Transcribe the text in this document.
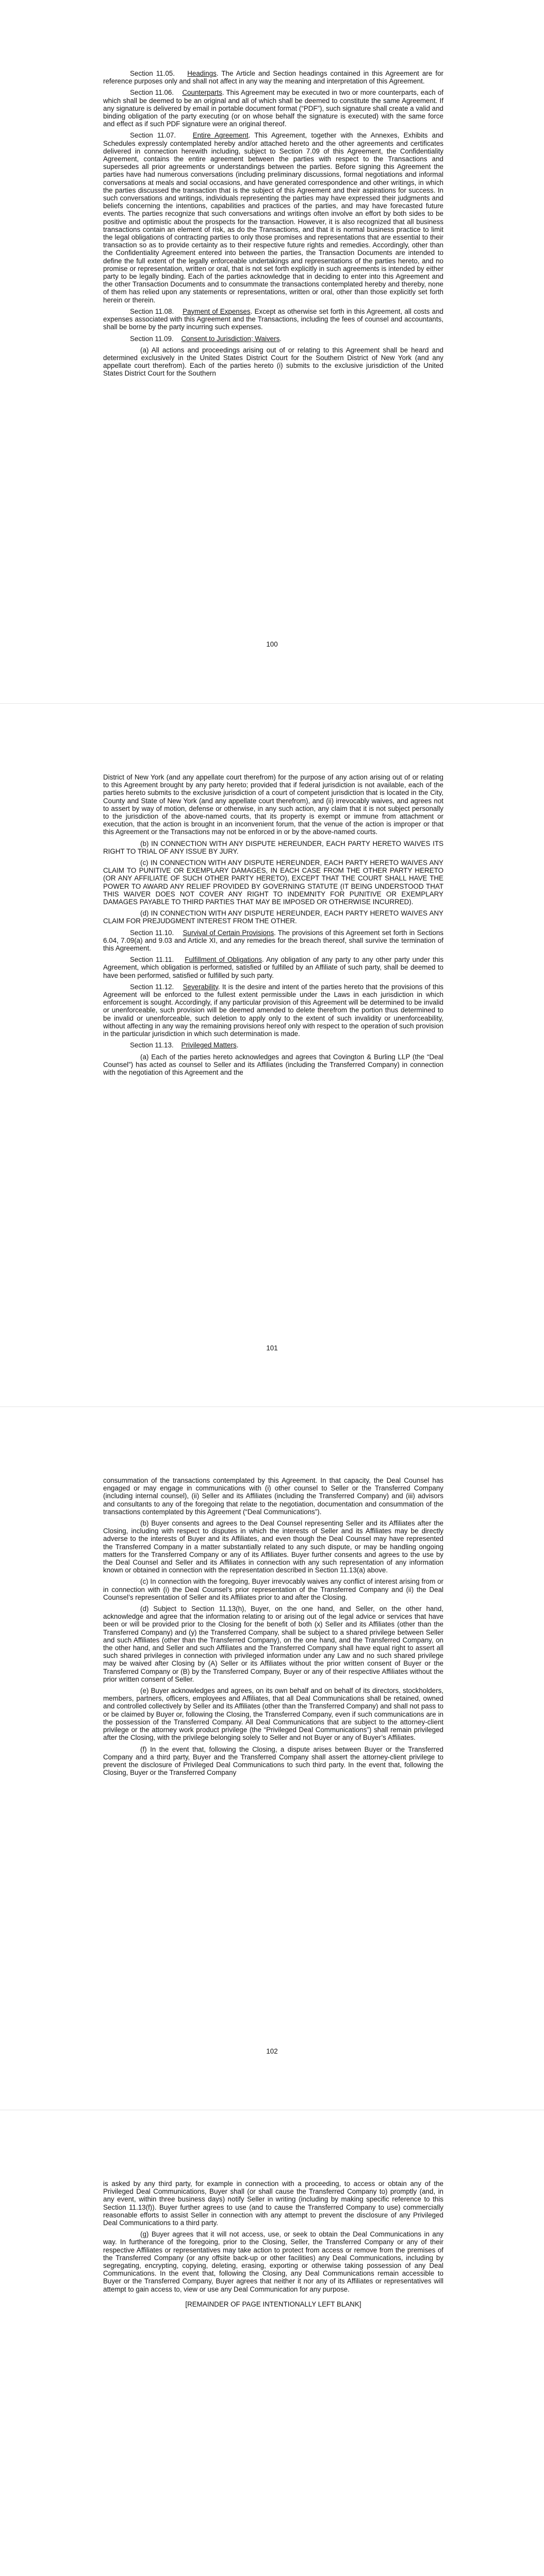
Section 11.05. Headings. The Article and Section headings contained in this Agreement are for reference purposes only and shall not affect in any way the meaning and interpretation of this Agreement.

Section 11.06. Counterparts. This Agreement may be executed in two or more counterparts, each of which shall be deemed to be an original and all of which shall be deemed to constitute the same Agreement. If any signature is delivered by email in portable document format (“PDF”), such signature shall create a valid and binding obligation of the party executing (or on whose behalf the signature is executed) with the same force and effect as if such PDF signature were an original thereof.

Section 11.07. Entire Agreement. This Agreement, together with the Annexes, Exhibits and Schedules expressly contemplated hereby and/or attached hereto and the other agreements and certificates delivered in connection herewith including, subject to Section 7.09 of this Agreement, the Confidentiality Agreement, contains the entire agreement between the parties with respect to the Transactions and supersedes all prior agreements or understandings between the parties. Before signing this Agreement the parties have had numerous conversations (including preliminary discussions, formal negotiations and informal conversations at meals and social occasions, and have generated correspondence and other writings, in which the parties discussed the transaction that is the subject of this Agreement and their aspirations for success. In such conversations and writings, individuals representing the parties may have expressed their judgments and beliefs concerning the intentions, capabilities and practices of the parties, and may have forecasted future events. The parties recognize that such conversations and writings often involve an effort by both sides to be positive and optimistic about the prospects for the transaction. However, it is also recognized that all business transactions contain an element of risk, as do the Transactions, and that it is normal business practice to limit the legal obligations of contracting parties to only those promises and representations that are essential to their transaction so as to provide certainty as to their respective future rights and remedies. Accordingly, other than the Confidentiality Agreement entered into between the parties, the Transaction Documents are intended to define the full extent of the legally enforceable undertakings and representations of the parties hereto, and no promise or representation, written or oral, that is not set forth explicitly in such agreements is intended by either party to be legally binding. Each of the parties acknowledge that in deciding to enter into this Agreement and the other Transaction Documents and to consummate the transactions contemplated hereby and thereby, none of them has relied upon any statements or representations, written or oral, other than those explicitly set forth herein or therein.

Section 11.08. Payment of Expenses. Except as otherwise set forth in this Agreement, all costs and expenses associated with this Agreement and the Transactions, including the fees of counsel and accountants, shall be borne by the party incurring such expenses.

Section 11.09. Consent to Jurisdiction; Waivers.

(a) All actions and proceedings arising out of or relating to this Agreement shall be heard and determined exclusively in the United States District Court for the Southern District of New York (and any appellate court therefrom). Each of the parties hereto (i) submits to the exclusive jurisdiction of the United States District Court for the Southern

100

District of New York (and any appellate court therefrom) for the purpose of any action arising out of or relating to this Agreement brought by any party hereto; provided that if federal jurisdiction is not available, each of the parties hereto submits to the exclusive jurisdiction of a court of competent jurisdiction that is located in the City, County and State of New York (and any appellate court therefrom), and (ii) irrevocably waives, and agrees not to assert by way of motion, defense or otherwise, in any such action, any claim that it is not subject personally to the jurisdiction of the above-named courts, that its property is exempt or immune from attachment or execution, that the action is brought in an inconvenient forum, that the venue of the action is improper or that this Agreement or the Transactions may not be enforced in or by the above-named courts.

(b) IN CONNECTION WITH ANY DISPUTE HEREUNDER, EACH PARTY HERETO WAIVES ITS RIGHT TO TRIAL OF ANY ISSUE BY JURY.

(c) IN CONNECTION WITH ANY DISPUTE HEREUNDER, EACH PARTY HERETO WAIVES ANY CLAIM TO PUNITIVE OR EXEMPLARY DAMAGES, IN EACH CASE FROM THE OTHER PARTY HERETO (OR ANY AFFILIATE OF SUCH OTHER PARTY HERETO), EXCEPT THAT THE COURT SHALL HAVE THE POWER TO AWARD ANY RELIEF PROVIDED BY GOVERNING STATUTE (IT BEING UNDERSTOOD THAT THIS WAIVER DOES NOT COVER ANY RIGHT TO INDEMNITY FOR PUNITIVE OR EXEMPLARY DAMAGES PAYABLE TO THIRD PARTIES THAT MAY BE IMPOSED OR OTHERWISE INCURRED).

(d) IN CONNECTION WITH ANY DISPUTE HEREUNDER, EACH PARTY HERETO WAIVES ANY CLAIM FOR PREJUDGMENT INTEREST FROM THE OTHER.

Section 11.10. Survival of Certain Provisions. The provisions of this Agreement set forth in Sections 6.04, 7.09(a) and 9.03 and Article XI, and any remedies for the breach thereof, shall survive the termination of this Agreement.

Section 11.11. Fulfillment of Obligations. Any obligation of any party to any other party under this Agreement, which obligation is performed, satisfied or fulfilled by an Affiliate of such party, shall be deemed to have been performed, satisfied or fulfilled by such party.

Section 11.12. Severability. It is the desire and intent of the parties hereto that the provisions of this Agreement will be enforced to the fullest extent permissible under the Laws in each jurisdiction in which enforcement is sought. Accordingly, if any particular provision of this Agreement will be determined to be invalid or unenforceable, such provision will be deemed amended to delete therefrom the portion thus determined to be invalid or unenforceable, such deletion to apply only to the extent of such invalidity or unenforceability, without affecting in any way the remaining provisions hereof only with respect to the operation of such provision in the particular jurisdiction in which such determination is made.

Section 11.13. Privileged Matters.

(a) Each of the parties hereto acknowledges and agrees that Covington & Burling LLP (the “Deal Counsel”) has acted as counsel to Seller and its Affiliates (including the Transferred Company) in connection with the negotiation of this Agreement and the

101

consummation of the transactions contemplated by this Agreement. In that capacity, the Deal Counsel has engaged or may engage in communications with (i) other counsel to Seller or the Transferred Company (including internal counsel), (ii) Seller and its Affiliates (including the Transferred Company) and (iii) advisors and consultants to any of the foregoing that relate to the negotiation, documentation and consummation of the transactions contemplated by this Agreement (“Deal Communications”).

(b) Buyer consents and agrees to the Deal Counsel representing Seller and its Affiliates after the Closing, including with respect to disputes in which the interests of Seller and its Affiliates may be directly adverse to the interests of Buyer and its Affiliates, and even though the Deal Counsel may have represented the Transferred Company in a matter substantially related to any such dispute, or may be handling ongoing matters for the Transferred Company or any of its Affiliates. Buyer further consents and agrees to the use by the Deal Counsel and Seller and its Affiliates in connection with any such representation of any information known or obtained in connection with the representation described in Section 11.13(a) above.

(c) In connection with the foregoing, Buyer irrevocably waives any conflict of interest arising from or in connection with (i) the Deal Counsel’s prior representation of the Transferred Company and (ii) the Deal Counsel’s representation of Seller and its Affiliates prior to and after the Closing.

(d) Subject to Section 11.13(h), Buyer, on the one hand, and Seller, on the other hand, acknowledge and agree that the information relating to or arising out of the legal advice or services that have been or will be provided prior to the Closing for the benefit of both (x) Seller and its Affiliates (other than the Transferred Company) and (y) the Transferred Company, shall be subject to a shared privilege between Seller and such Affiliates (other than the Transferred Company), on the one hand, and the Transferred Company, on the other hand, and Seller and such Affiliates and the Transferred Company shall have equal right to assert all such shared privileges in connection with privileged information under any Law and no such shared privilege may be waived after Closing by (A) Seller or its Affiliates without the prior written consent of Buyer or the Transferred Company or (B) by the Transferred Company, Buyer or any of their respective Affiliates without the prior written consent of Seller.

(e) Buyer acknowledges and agrees, on its own behalf and on behalf of its directors, stockholders, members, partners, officers, employees and Affiliates, that all Deal Communications shall be retained, owned and controlled collectively by Seller and its Affiliates (other than the Transferred Company) and shall not pass to or be claimed by Buyer or, following the Closing, the Transferred Company, even if such communications are in the possession of the Transferred Company. All Deal Communications that are subject to the attorney-client privilege or the attorney work product privilege (the “Privileged Deal Communications”) shall remain privileged after the Closing, with the privilege belonging solely to Seller and not Buyer or any of Buyer’s Affiliates.

(f) In the event that, following the Closing, a dispute arises between Buyer or the Transferred Company and a third party, Buyer and the Transferred Company shall assert the attorney-client privilege to prevent the disclosure of Privileged Deal Communications to such third party. In the event that, following the Closing, Buyer or the Transferred Company

102

is asked by any third party, for example in connection with a proceeding, to access or obtain any of the Privileged Deal Communications, Buyer shall (or shall cause the Transferred Company to) promptly (and, in any event, within three business days) notify Seller in writing (including by making specific reference to this Section 11.13(f)). Buyer further agrees to use (and to cause the Transferred Company to use) commercially reasonable efforts to assist Seller in connection with any attempt to prevent the disclosure of any Privileged Deal Communications to a third party.

(g) Buyer agrees that it will not access, use, or seek to obtain the Deal Communications in any way. In furtherance of the foregoing, prior to the Closing, Seller, the Transferred Company or any of their respective Affiliates or representatives may take action to protect from access or remove from the premises of the Transferred Company (or any offsite back-up or other facilities) any Deal Communications, including by segregating, encrypting, copying, deleting, erasing, exporting or otherwise taking possession of any Deal Communications. In the event that, following the Closing, any Deal Communications remain accessible to Buyer or the Transferred Company, Buyer agrees that neither it nor any of its Affiliates or representatives will attempt to gain access to, view or use any Deal Communication for any purpose.

[REMAINDER OF PAGE INTENTIONALLY LEFT BLANK]
